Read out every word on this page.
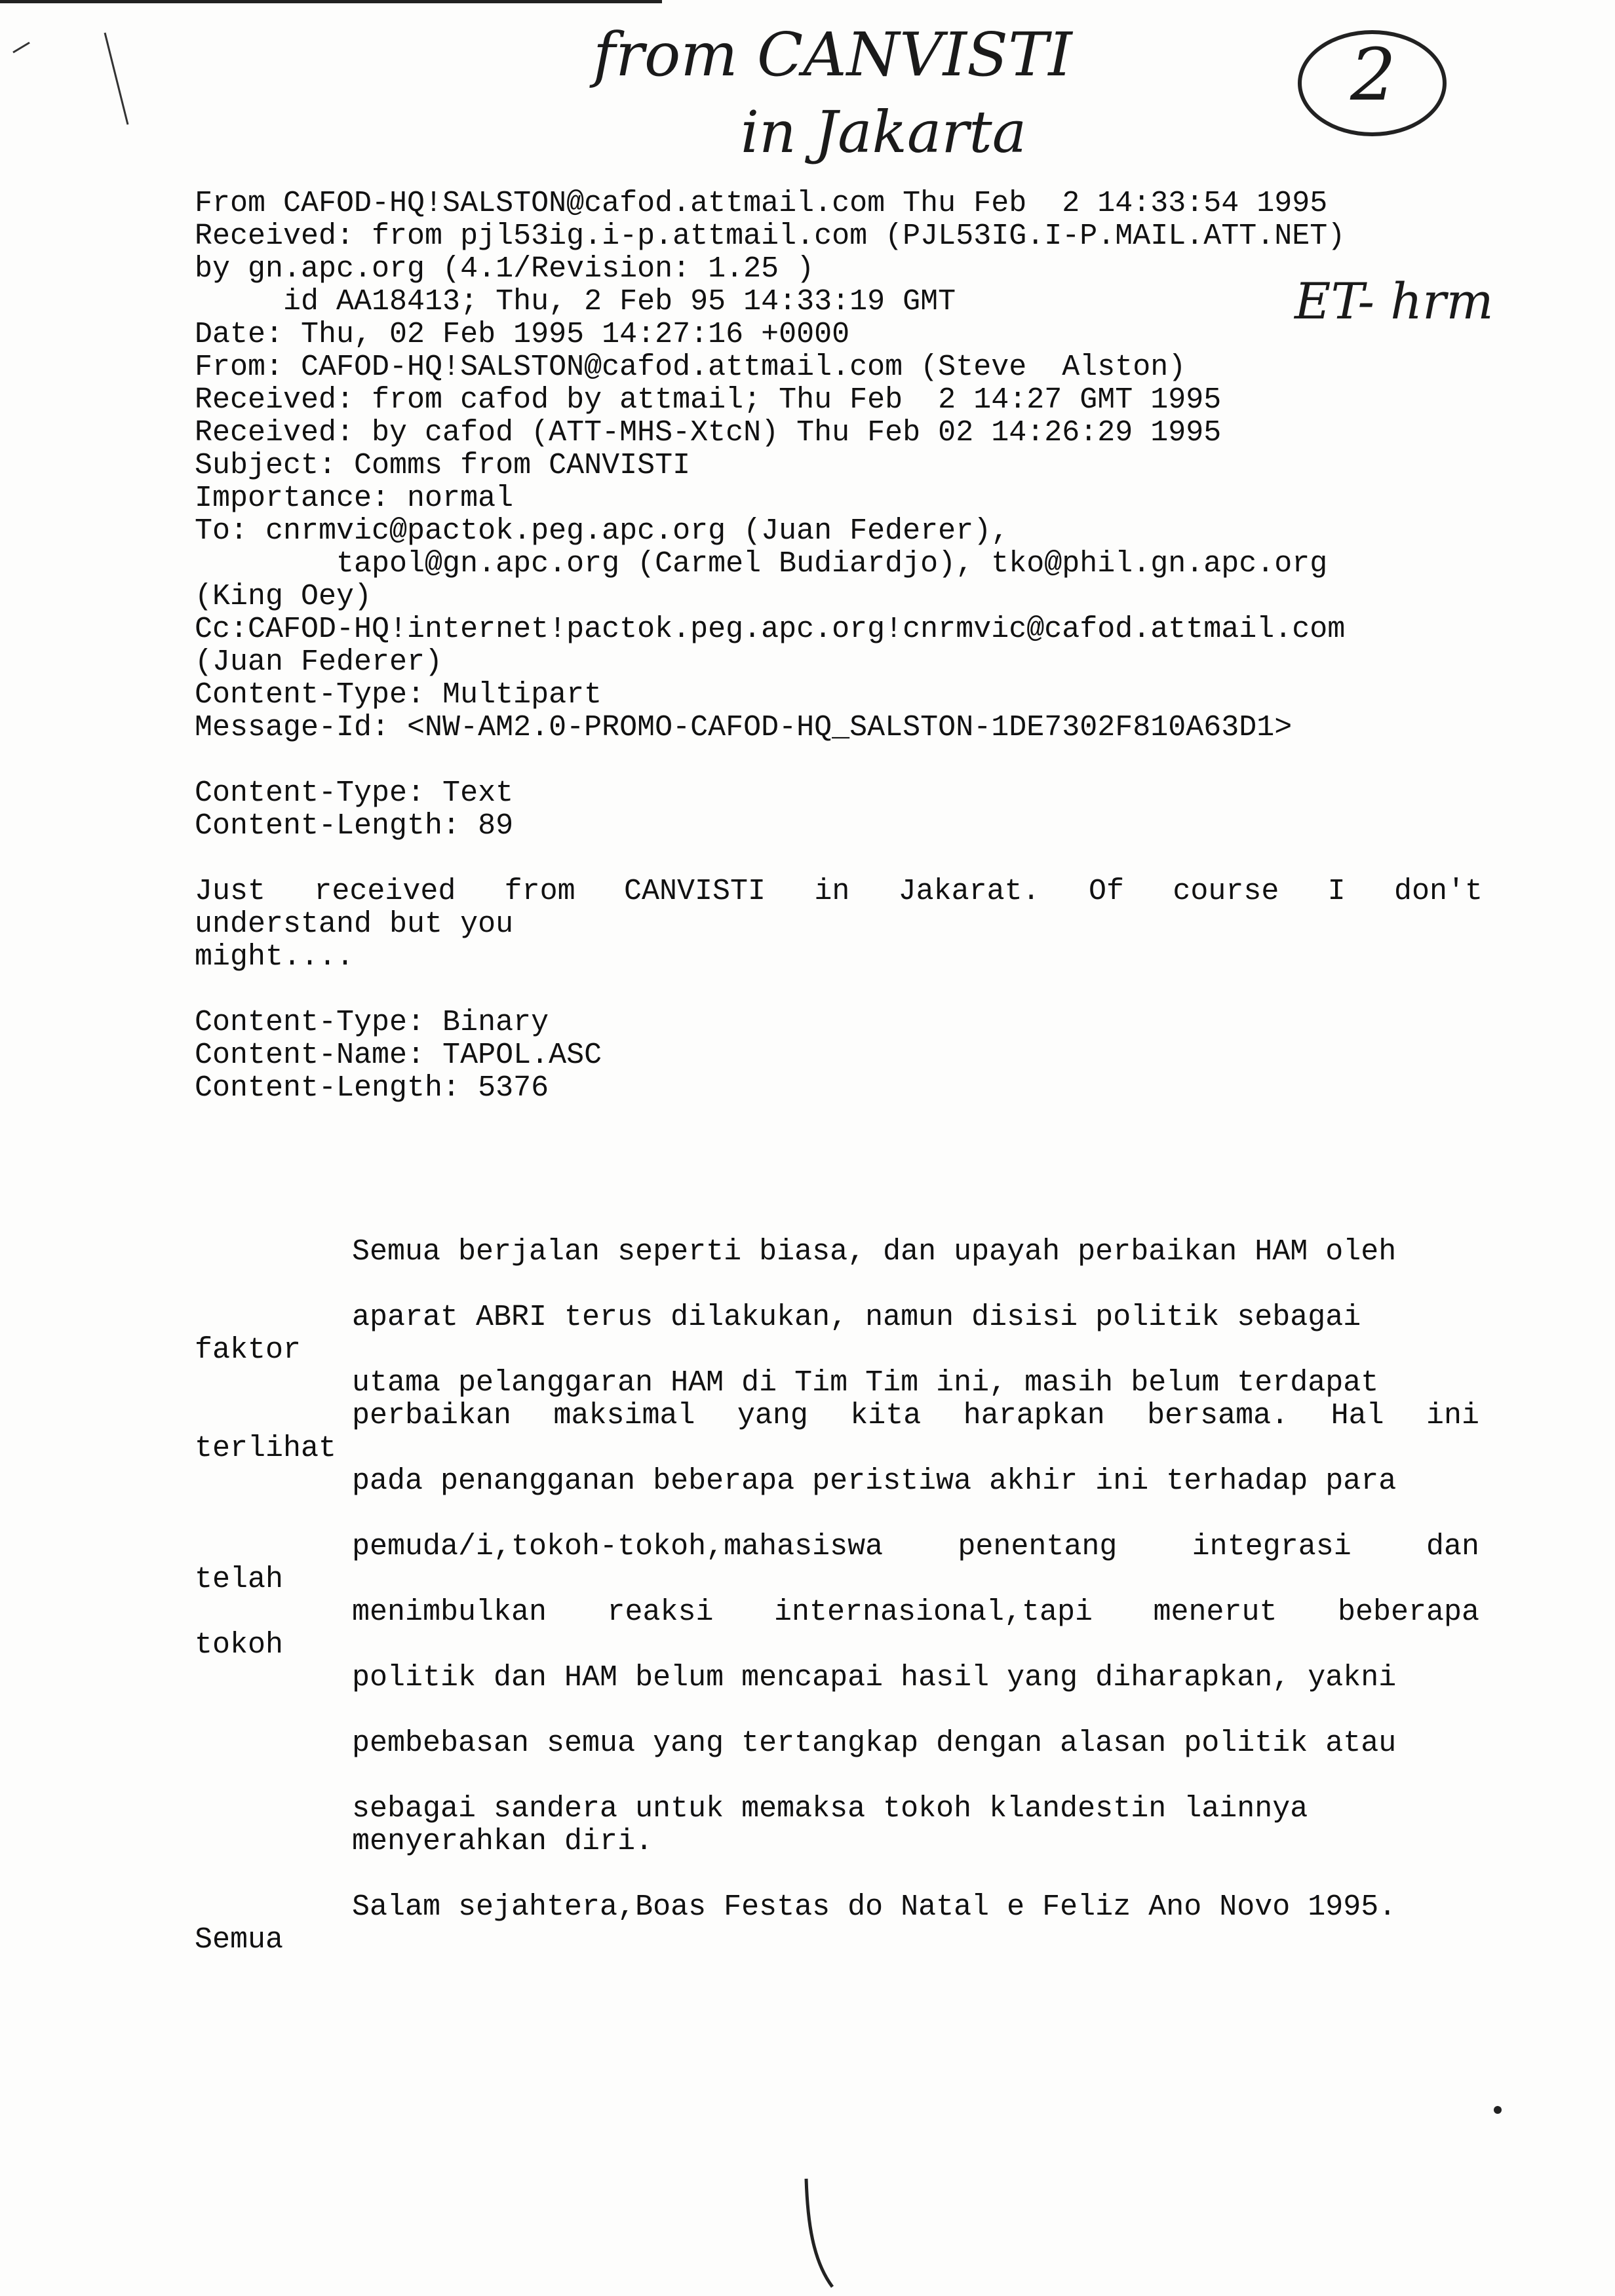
from CANVISTI
in Jakarta
2
ET- hrm
From CAFOD-HQ!SALSTON@cafod.attmail.com Thu Feb  2 14:33:54 1995
Received: from pjl53ig.i-p.attmail.com (PJL53IG.I-P.MAIL.ATT.NET)
by gn.apc.org (4.1/Revision: 1.25 )
id AA18413; Thu, 2 Feb 95 14:33:19 GMT
Date: Thu, 02 Feb 1995 14:27:16 +0000
From: CAFOD-HQ!SALSTON@cafod.attmail.com (Steve  Alston)
Received: from cafod by attmail; Thu Feb  2 14:27 GMT 1995
Received: by cafod (ATT-MHS-XtcN) Thu Feb 02 14:26:29 1995
Subject: Comms from CANVISTI
Importance: normal
To: cnrmvic@pactok.peg.apc.org (Juan Federer),
tapol@gn.apc.org (Carmel Budiardjo), tko@phil.gn.apc.org
(King Oey)
Cc:CAFOD-HQ!internet!pactok.peg.apc.org!cnrmvic@cafod.attmail.com
(Juan Federer)
Content-Type: Multipart
Message-Id: <NW-AM2.0-PROMO-CAFOD-HQ_SALSTON-1DE7302F810A63D1>
Content-Type: Text
Content-Length: 89
Just received from CANVISTI in Jakarat. Of course I don't
understand but you
might....
Content-Type: Binary
Content-Name: TAPOL.ASC
Content-Length: 5376
Semua berjalan seperti biasa, dan upayah perbaikan HAM oleh
aparat ABRI terus dilakukan, namun disisi politik sebagai
faktor
utama pelanggaran HAM di Tim Tim ini, masih belum terdapat
perbaikan maksimal yang kita harapkan bersama. Hal ini
terlihat
pada penangganan beberapa peristiwa akhir ini terhadap para
pemuda/i,tokoh-tokoh,mahasiswa penentang integrasi dan
telah
menimbulkan reaksi internasional,tapi menerut beberapa
tokoh
politik dan HAM belum mencapai hasil yang diharapkan, yakni
pembebasan semua yang tertangkap dengan alasan politik atau
sebagai sandera untuk memaksa tokoh klandestin lainnya
menyerahkan diri.
Salam sejahtera,Boas Festas do Natal e Feliz Ano Novo 1995.
Semua
